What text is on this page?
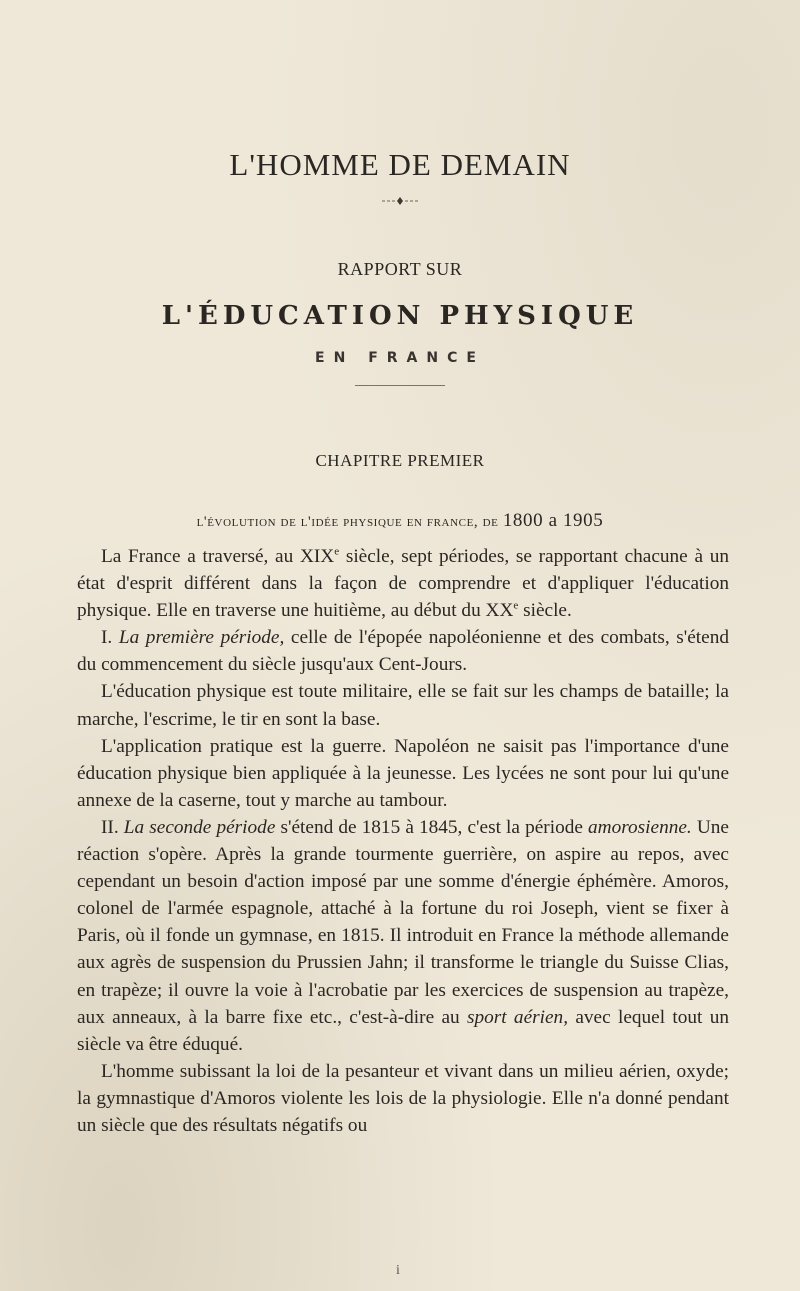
L'HOMME DE DEMAIN
RAPPORT SUR
L'ÉDUCATION PHYSIQUE
EN FRANCE
CHAPITRE PREMIER
l'évolution de l'idée physique en france, de 1800 a 1905

La France a traversé, au XIXe siècle, sept périodes, se rapportant chacune à un état d'esprit différent dans la façon de comprendre et d'appliquer l'éducation physique. Elle en traverse une huitième, au début du XXe siècle.

I. La première période, celle de l'épopée napoléonienne et des combats, s'étend du commencement du siècle jusqu'aux Cent-Jours.

L'éducation physique est toute militaire, elle se fait sur les champs de bataille; la marche, l'escrime, le tir en sont la base.

L'application pratique est la guerre. Napoléon ne saisit pas l'importance d'une éducation physique bien appliquée à la jeunesse. Les lycées ne sont pour lui qu'une annexe de la caserne, tout y marche au tambour.

II. La seconde période s'étend de 1815 à 1845, c'est la période amorosienne. Une réaction s'opère. Après la grande tourmente guerrière, on aspire au repos, avec cependant un besoin d'action imposé par une somme d'énergie éphémère. Amoros, colonel de l'armée espagnole, attaché à la fortune du roi Joseph, vient se fixer à Paris, où il fonde un gymnase, en 1815. Il introduit en France la méthode allemande aux agrès de suspension du Prussien Jahn; il transforme le triangle du Suisse Clias, en trapèze; il ouvre la voie à l'acrobatie par les exercices de suspension au trapèze, aux anneaux, à la barre fixe etc., c'est-à-dire au sport aérien, avec lequel tout un siècle va être éduqué.

L'homme subissant la loi de la pesanteur et vivant dans un milieu aérien, oxyde; la gymnastique d'Amoros violente les lois de la physiologie. Elle n'a donné pendant un siècle que des résultats négatifs ou

i
